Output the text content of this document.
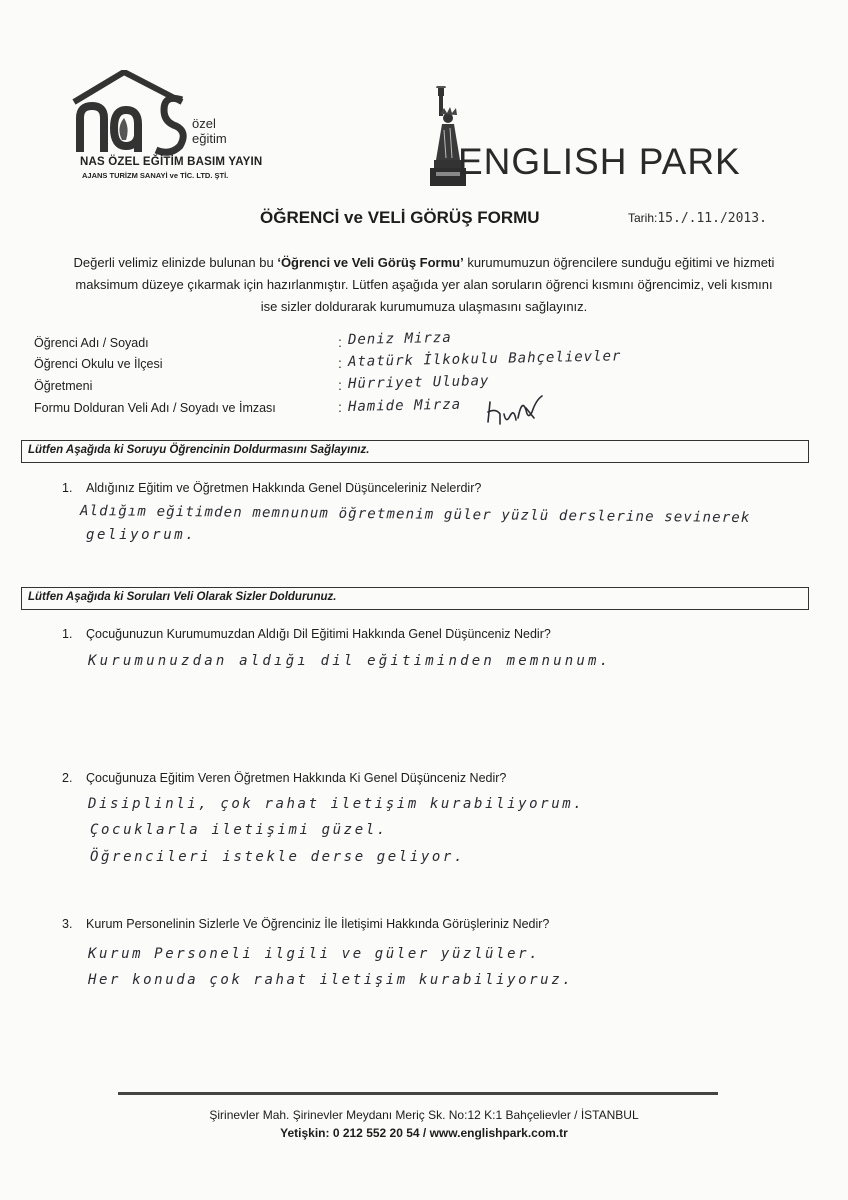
özel
eğitim
NAS ÖZEL EĞİTİM BASIM YAYIN
AJANS TURİZM SANAYİ ve TİC. LTD. ŞTİ.	ENGLISH PARK
ÖĞRENCİ ve VELİ GÖRÜŞ FORMU	Tarih:15./.11./2013.
Değerli velimiz elinizde bulunan bu ‘Öğrenci ve Veli Görüş Formu’ kurumumuzun öğrencilere sunduğu eğitimi ve hizmeti
maksimum düzeye çıkarmak için hazırlanmıştır. Lütfen aşağıda yer alan soruların öğrenci kısmını öğrencimiz, veli kısmını
ise sizler doldurarak kurumumuza ulaşmasını sağlayınız.
Öğrenci Adı / Soyadı	: Deniz Mirza
Öğrenci Okulu ve İlçesi	: Atatürk İlkokulu Bahçelievler
Öğretmeni	: Hürriyet Ulubay
Formu Dolduran Veli Adı / Soyadı ve İmzası	: Hamide Mirza
Lütfen Aşağıda ki Soruyu Öğrencinin Doldurmasını Sağlayınız.
1. Aldığınız Eğitim ve Öğretmen Hakkında Genel Düşünceleriniz Nelerdir?
Aldığım eğitimden memnunum öğretmenim güler yüzlü derslerine sevinerek
geliyorum.
Lütfen Aşağıda ki Soruları Veli Olarak Sizler Doldurunuz.
1. Çocuğunuzun Kurumumuzdan Aldığı Dil Eğitimi Hakkında Genel Düşünceniz Nedir?
Kurumunuzdan aldığı dil eğitiminden memnunum.
2. Çocuğunuza Eğitim Veren Öğretmen Hakkında Ki Genel Düşünceniz Nedir?
Disiplinli, çok rahat iletişim kurabiliyorum.
Çocuklarla iletişimi güzel.
Öğrencileri istekle derse geliyor.
3. Kurum Personelinin Sizlerle Ve Öğrenciniz İle İletişimi Hakkında Görüşleriniz Nedir?
Kurum Personeli ilgili ve güler yüzlüler.
Her konuda çok rahat iletişim kurabiliyoruz.
Şirinevler Mah. Şirinevler Meydanı Meriç Sk. No:12 K:1 Bahçelievler / İSTANBUL
Yetişkin: 0 212 552 20 54 / www.englishpark.com.tr
